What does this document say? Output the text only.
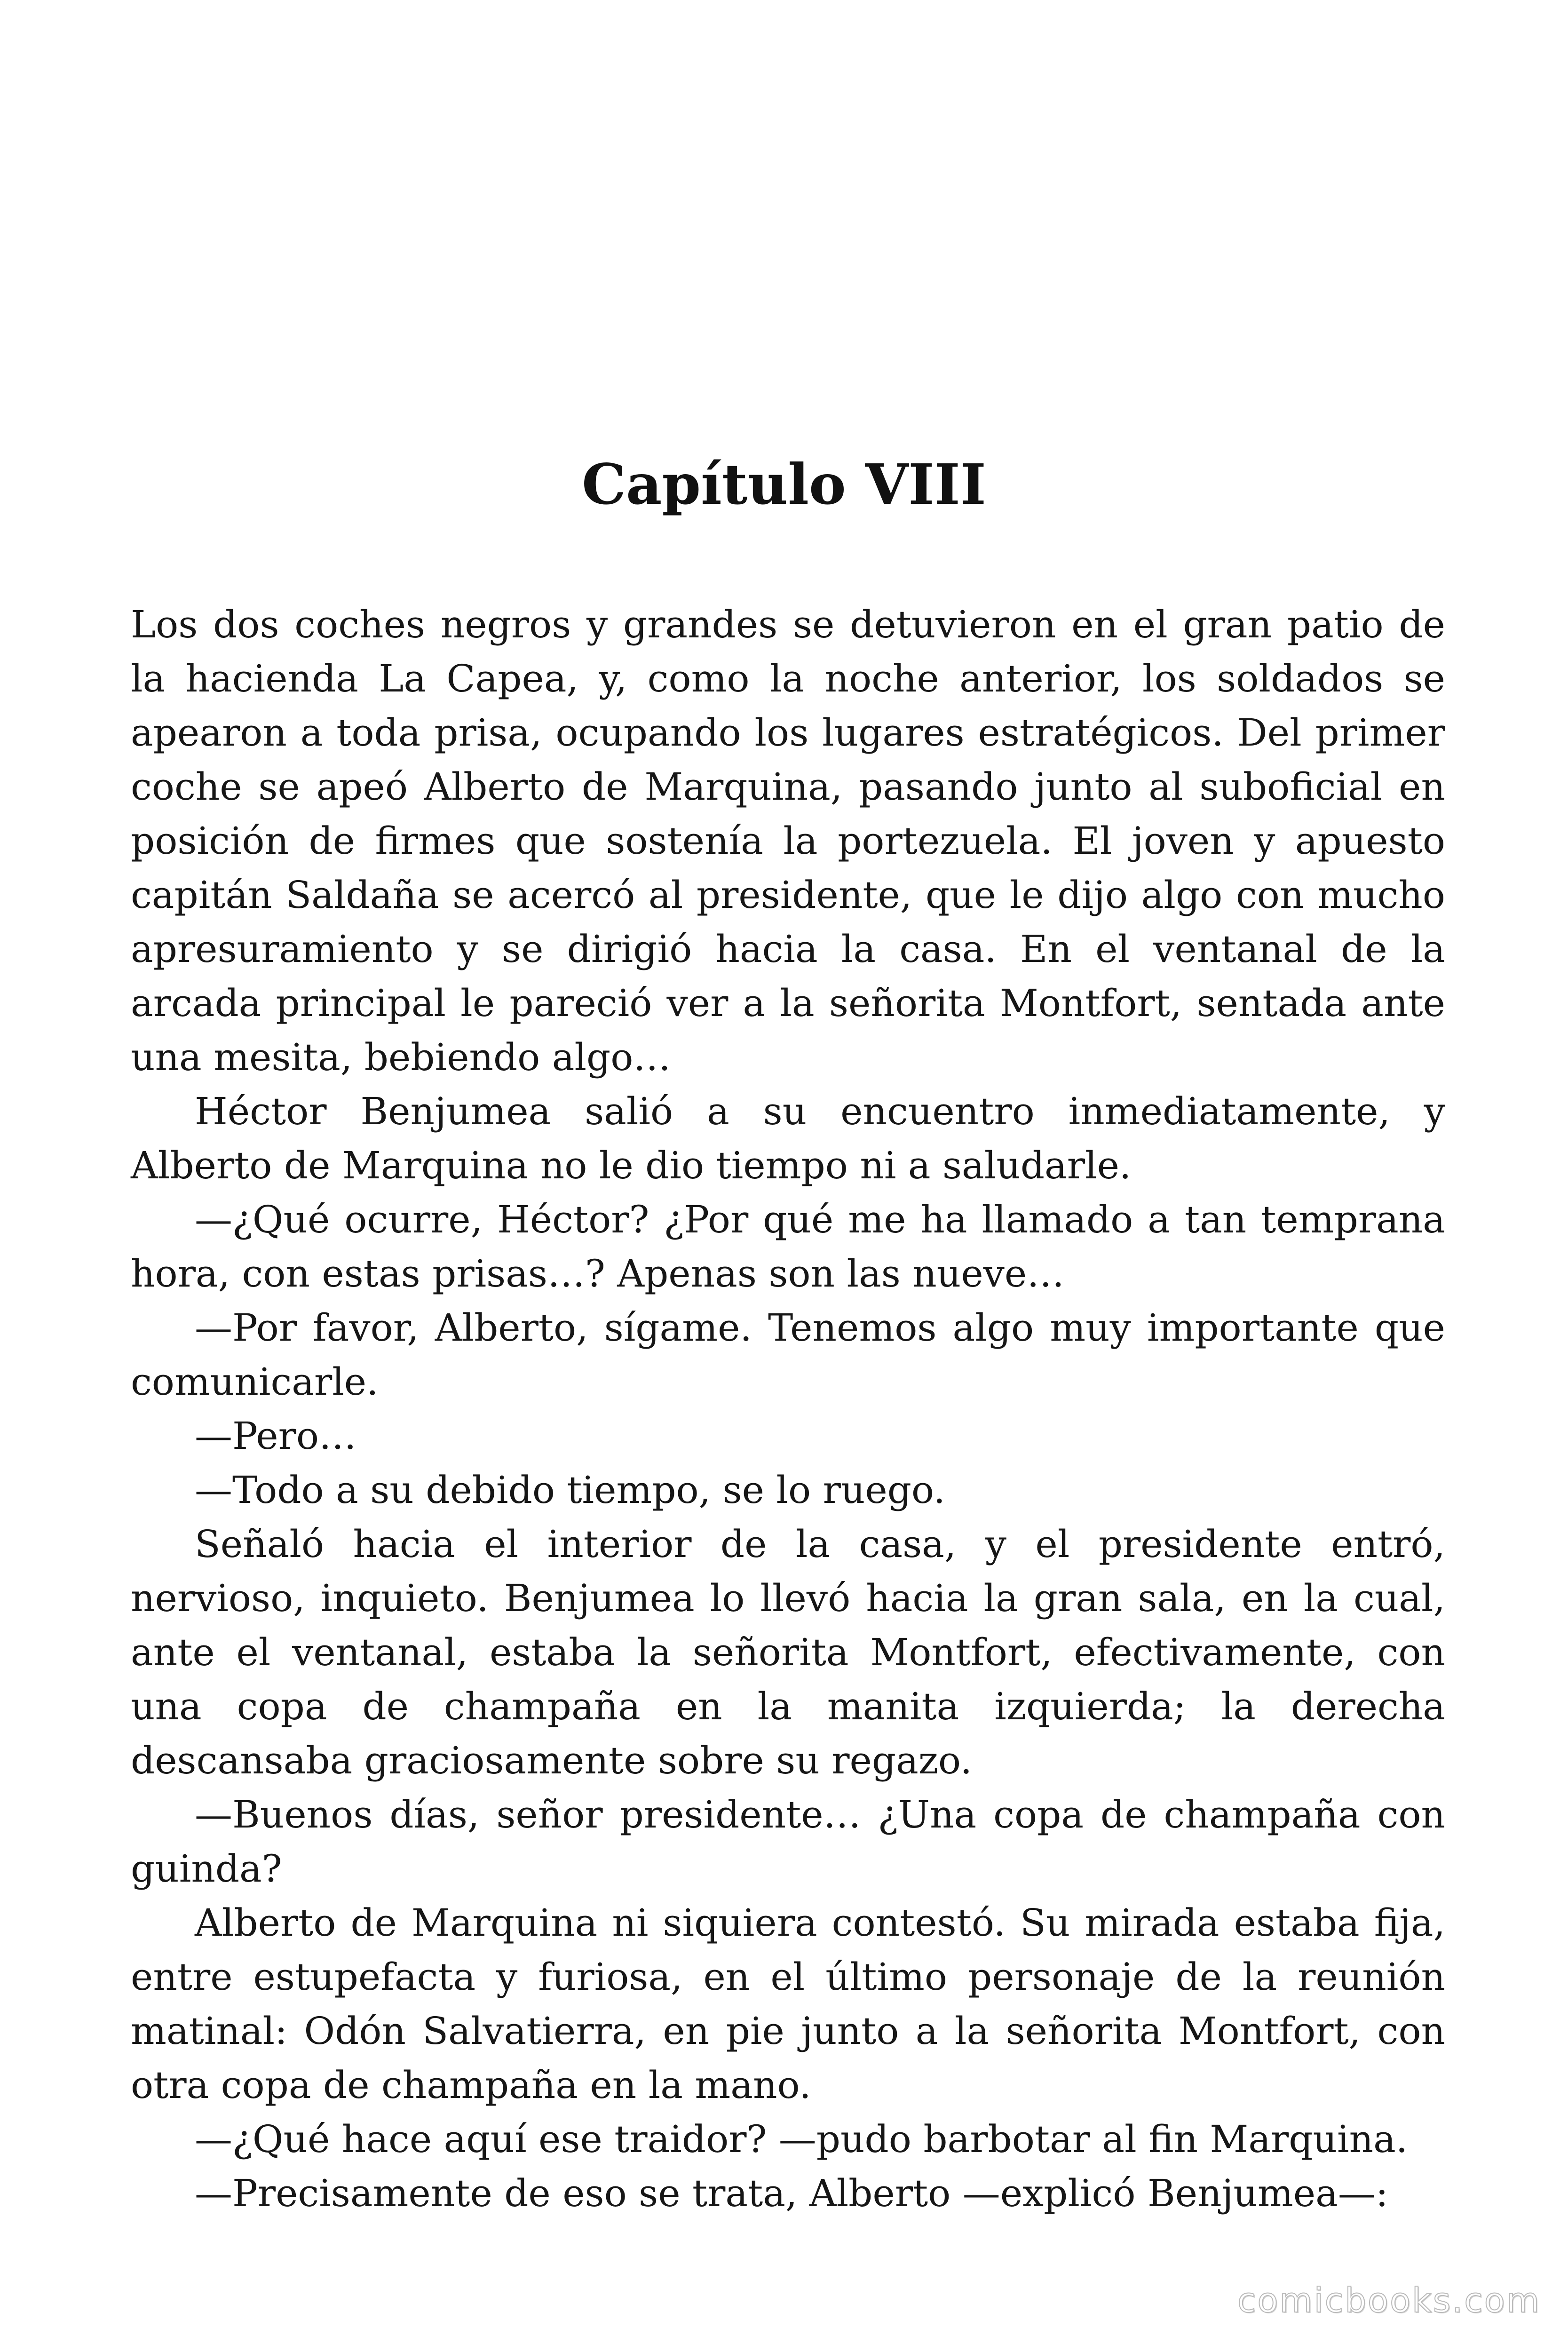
Capítulo VIII

Los dos coches negros y grandes se detuvieron en el gran patio de la hacienda La Capea, y, como la noche anterior, los soldados se apearon a toda prisa, ocupando los lugares estratégicos. Del primer coche se apeó Alberto de Marquina, pasando junto al suboficial en posición de firmes que sostenía la portezuela. El joven y apuesto capitán Saldaña se acercó al presidente, que le dijo algo con mucho apresuramiento y se dirigió hacia la casa. En el ventanal de la arcada principal le pareció ver a la señorita Montfort, sentada ante una mesita, bebiendo algo…

Héctor Benjumea salió a su encuentro inmediatamente, y Alberto de Marquina no le dio tiempo ni a saludarle.

—¿Qué ocurre, Héctor? ¿Por qué me ha llamado a tan temprana hora, con estas prisas…? Apenas son las nueve…

—Por favor, Alberto, sígame. Tenemos algo muy importante que comunicarle.

—Pero…

—Todo a su debido tiempo, se lo ruego.

Señaló hacia el interior de la casa, y el presidente entró, nervioso, inquieto. Benjumea lo llevó hacia la gran sala, en la cual, ante el ventanal, estaba la señorita Montfort, efectivamente, con una copa de champaña en la manita izquierda; la derecha descansaba graciosamente sobre su regazo.

—Buenos días, señor presidente… ¿Una copa de champaña con guinda?

Alberto de Marquina ni siquiera contestó. Su mirada estaba fija, entre estupefacta y furiosa, en el último personaje de la reunión matinal: Odón Salvatierra, en pie junto a la señorita Montfort, con otra copa de champaña en la mano.

—¿Qué hace aquí ese traidor? —pudo barbotar al fin Marquina.

—Precisamente de eso se trata, Alberto —explicó Benjumea—:

comicbooks.com
